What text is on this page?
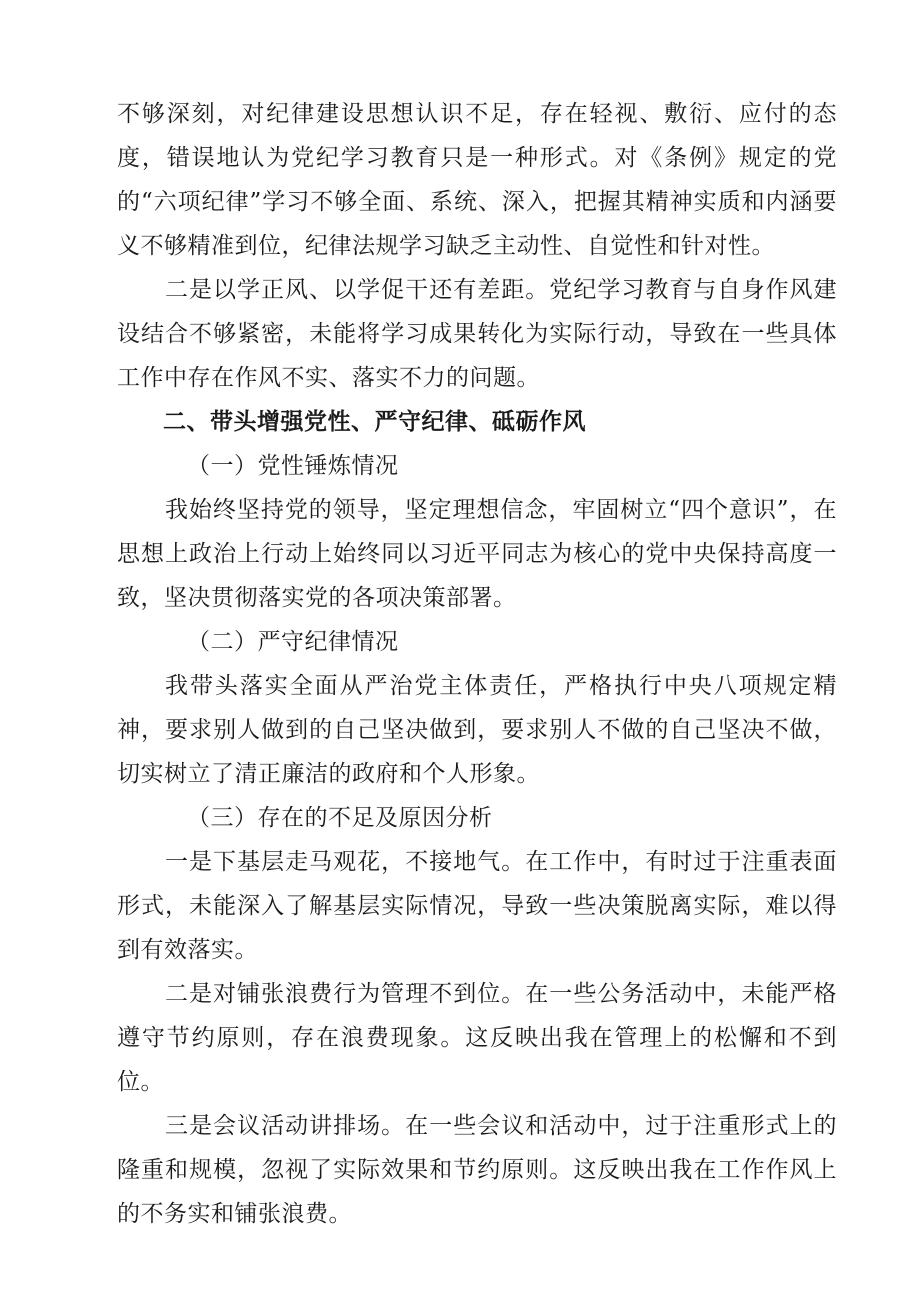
不够深刻，对纪律建设思想认识不足，存在轻视、敷衍、应付的态度，错误地认为党纪学习教育只是一种形式。对《条例》规定的党的“六项纪律”学习不够全面、系统、深入，把握其精神实质和内涵要义不够精准到位，纪律法规学习缺乏主动性、自觉性和针对性。

二是以学正风、以学促干还有差距。党纪学习教育与自身作风建设结合不够紧密，未能将学习成果转化为实际行动，导致在一些具体工作中存在作风不实、落实不力的问题。

二、带头增强党性、严守纪律、砥砺作风

（一）党性锤炼情况

我始终坚持党的领导，坚定理想信念，牢固树立“四个意识”，在思想上政治上行动上始终同以习近平同志为核心的党中央保持高度一致，坚决贯彻落实党的各项决策部署。

（二）严守纪律情况

我带头落实全面从严治党主体责任，严格执行中央八项规定精神，要求别人做到的自己坚决做到，要求别人不做的自己坚决不做，切实树立了清正廉洁的政府和个人形象。

（三）存在的不足及原因分析

一是下基层走马观花，不接地气。在工作中，有时过于注重表面形式，未能深入了解基层实际情况，导致一些决策脱离实际，难以得到有效落实。

二是对铺张浪费行为管理不到位。在一些公务活动中，未能严格遵守节约原则，存在浪费现象。这反映出我在管理上的松懈和不到位。

三是会议活动讲排场。在一些会议和活动中，过于注重形式上的隆重和规模，忽视了实际效果和节约原则。这反映出我在工作作风上的不务实和铺张浪费。
